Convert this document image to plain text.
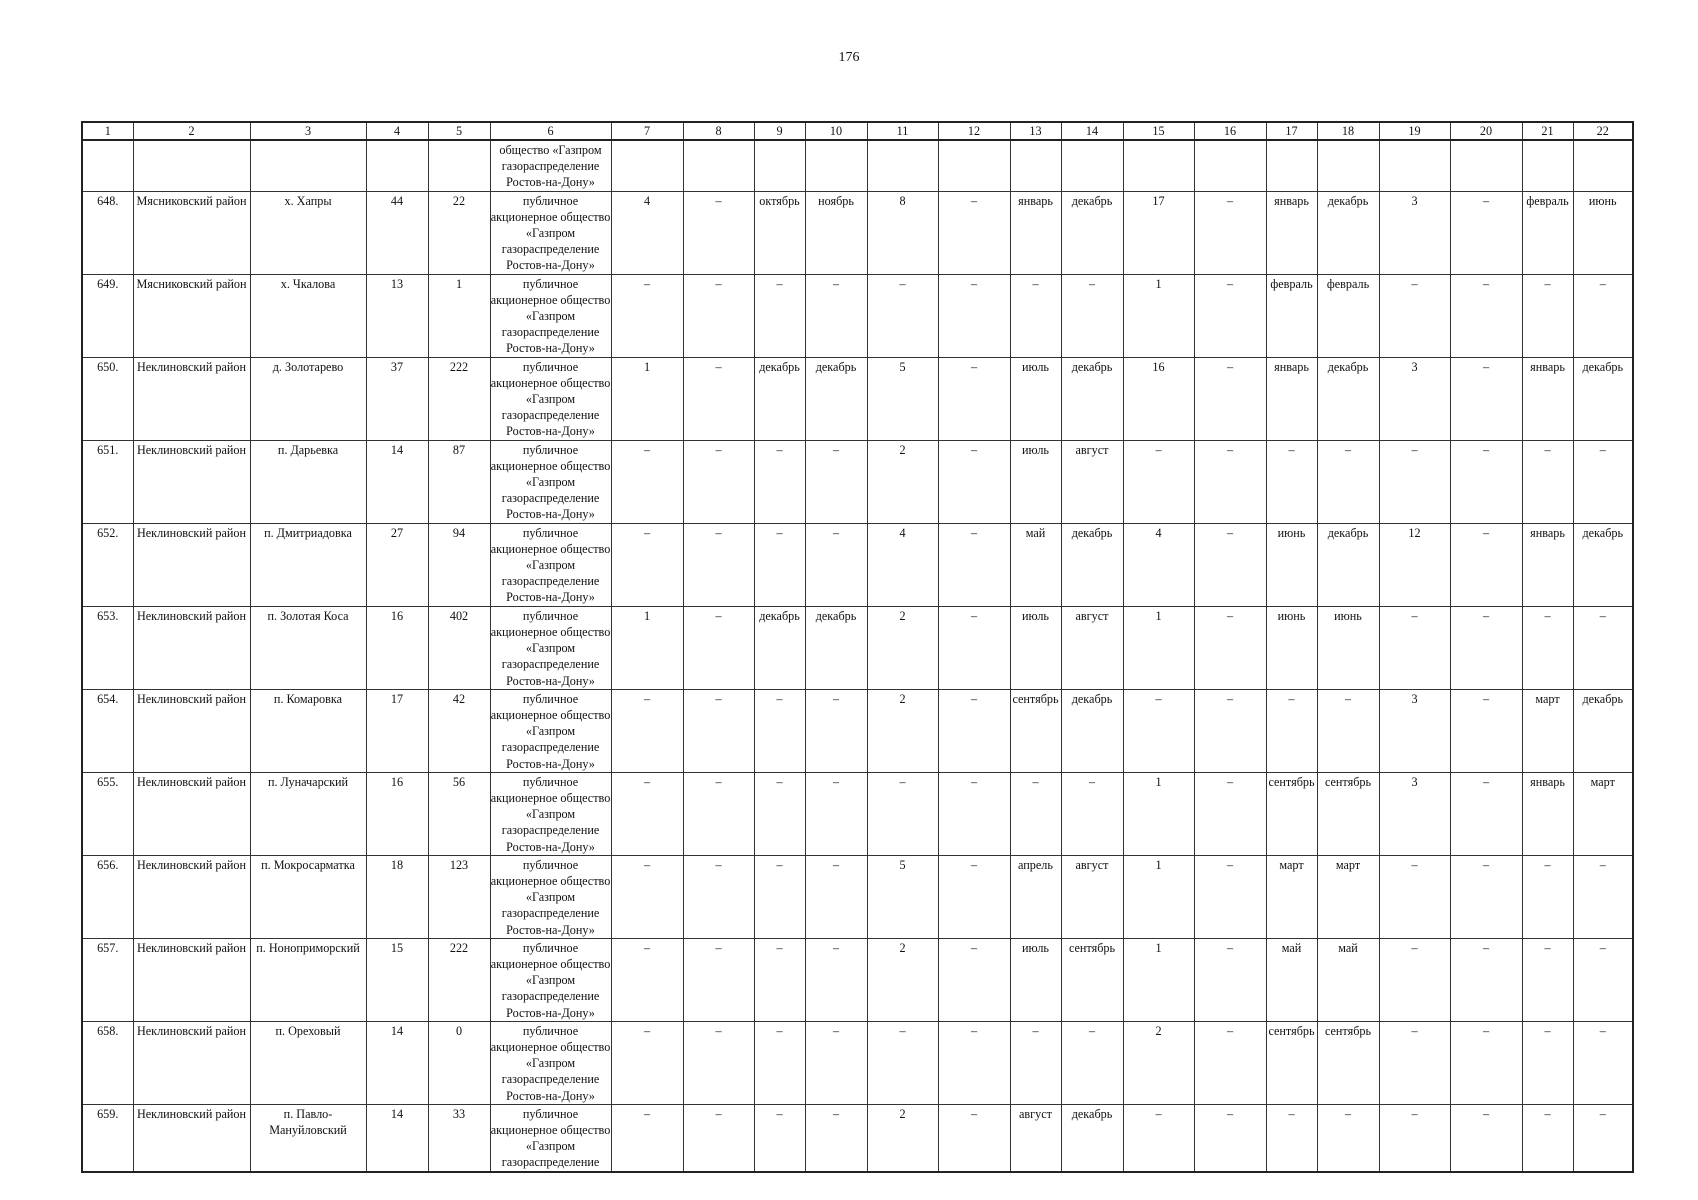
176
1	2	3	4	5	6	7	8	9	10	11	12	13	14	15	16	17	18	19	20	21	22
					общество «Газпром газораспределение Ростов-на-Дону»																
648.	Мясниковский район	х. Хапры	44	22	публичное акционерное общество «Газпром газораспределение Ростов-на-Дону»	4	–	октябрь	ноябрь	8	–	январь	декабрь	17	–	январь	декабрь	3	–	февраль	июнь
649.	Мясниковский район	х. Чкалова	13	1	публичное акционерное общество «Газпром газораспределение Ростов-на-Дону»	–	–	–	–	–	–	–	–	1	–	февраль	февраль	–	–	–	–
650.	Неклиновский район	д. Золотарево	37	222	публичное акционерное общество «Газпром газораспределение Ростов-на-Дону»	1	–	декабрь	декабрь	5	–	июль	декабрь	16	–	январь	декабрь	3	–	январь	декабрь
651.	Неклиновский район	п. Дарьевка	14	87	публичное акционерное общество «Газпром газораспределение Ростов-на-Дону»	–	–	–	–	2	–	июль	август	–	–	–	–	–	–	–	–
652.	Неклиновский район	п. Дмитриадовка	27	94	публичное акционерное общество «Газпром газораспределение Ростов-на-Дону»	–	–	–	–	4	–	май	декабрь	4	–	июнь	декабрь	12	–	январь	декабрь
653.	Неклиновский район	п. Золотая Коса	16	402	публичное акционерное общество «Газпром газораспределение Ростов-на-Дону»	1	–	декабрь	декабрь	2	–	июль	август	1	–	июнь	июнь	–	–	–	–
654.	Неклиновский район	п. Комаровка	17	42	публичное акционерное общество «Газпром газораспределение Ростов-на-Дону»	–	–	–	–	2	–	сентябрь	декабрь	–	–	–	–	3	–	март	декабрь
655.	Неклиновский район	п. Луначарский	16	56	публичное акционерное общество «Газпром газораспределение Ростов-на-Дону»	–	–	–	–	–	–	–	–	1	–	сентябрь	сентябрь	3	–	январь	март
656.	Неклиновский район	п. Мокросарматка	18	123	публичное акционерное общество «Газпром газораспределение Ростов-на-Дону»	–	–	–	–	5	–	апрель	август	1	–	март	март	–	–	–	–
657.	Неклиновский район	п. Ноноприморский	15	222	публичное акционерное общество «Газпром газораспределение Ростов-на-Дону»	–	–	–	–	2	–	июль	сентябрь	1	–	май	май	–	–	–	–
658.	Неклиновский район	п. Ореховый	14	0	публичное акционерное общество «Газпром газораспределение Ростов-на-Дону»	–	–	–	–	–	–	–	–	2	–	сентябрь	сентябрь	–	–	–	–
659.	Неклиновский район	п. Павло-Мануйловский	14	33	публичное акционерное общество «Газпром газораспределение	–	–	–	–	2	–	август	декабрь	–	–	–	–	–	–	–	–
